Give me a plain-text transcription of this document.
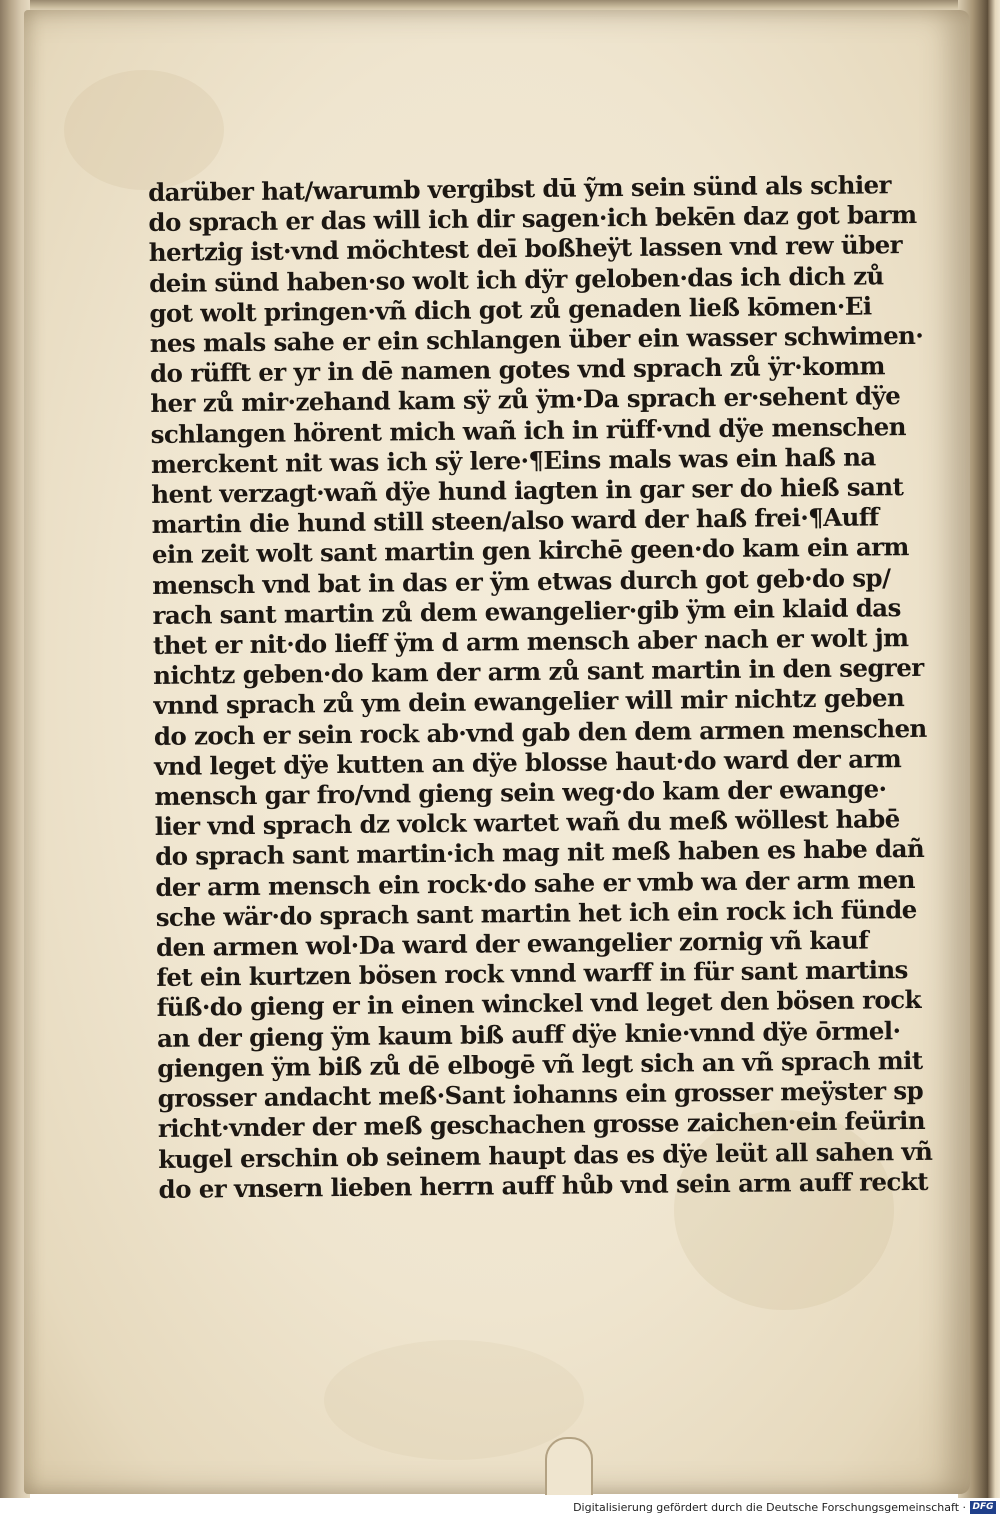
darüber hat/warumb vergibst dū ỹm sein sünd als schier
do sprach er das will ich dir sagen·ich bekēn daz got barm
hertzig ist·vnd möchtest deī boßheÿt lassen vnd rew über
dein sünd haben·so wolt ich dÿr geloben·das ich dich zů
got wolt pringen·vñ dich got zů genaden ließ kōmen·Ei
nes mals sahe er ein schlangen über ein wasser schwimen·
do rüfft er yr in dē namen gotes vnd sprach zů ÿr·komm
her zů mir·zehand kam sÿ zů ÿm·Da sprach er·sehent dÿe
schlangen hörent mich wañ ich in rüff·vnd dÿe menschen
merckent nit was ich sÿ lere·¶Eins mals was ein haß na
hent verzagt·wañ dÿe hund iagten in gar ser do hieß sant
martin die hund still steen/also ward der haß frei·¶Auff
ein zeit wolt sant martin gen kirchē geen·do kam ein arm
mensch vnd bat in das er ÿm etwas durch got geb·do sp/
rach sant martin zů dem ewangelier·gib ÿm ein klaid das
thet er nit·do lieff ÿm d arm mensch aber nach er wolt jm
nichtz geben·do kam der arm zů sant martin in den segrer
vnnd sprach zů ym dein ewangelier will mir nichtz geben
do zoch er sein rock ab·vnd gab den dem armen menschen
vnd leget dÿe kutten an dÿe blosse haut·do ward der arm
mensch gar fro/vnd gieng sein weg·do kam der ewange·
lier vnd sprach dz volck wartet wañ du meß wöllest habē
do sprach sant martin·ich mag nit meß haben es habe dañ
der arm mensch ein rock·do sahe er vmb wa der arm men
sche wär·do sprach sant martin het ich ein rock ich fünde
den armen wol·Da ward der ewangelier zornig vñ kauf
fet ein kurtzen bösen rock vnnd warff in für sant martins
füß·do gieng er in einen winckel vnd leget den bösen rock
an der gieng ÿm kaum biß auff dÿe knie·vnnd dÿe ōrmel·
giengen ÿm biß zů dē elbogē vñ legt sich an vñ sprach mit
grosser andacht meß·Sant iohanns ein grosser meÿster sp
richt·vnder der meß geschachen grosse zaichen·ein feürin
kugel erschin ob seinem haupt das es dÿe leüt all sahen vñ
do er vnsern lieben herrn auff hůb vnd sein arm auff reckt
Digitalisierung gefördert durch die Deutsche Forschungsgemeinschaft · DFG
